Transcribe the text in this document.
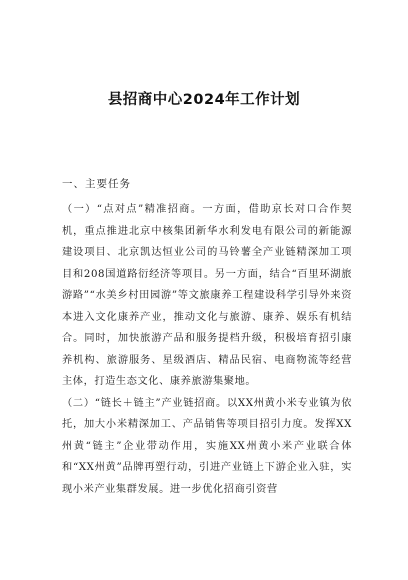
县招商中心2024年工作计划
一、主要任务

（一）“点对点”精准招商。一方面，借助京长对口合作契机，重点推进北京中核集团新华水利发电有限公司的新能源建设项目、北京凯达恒业公司的马铃薯全产业链精深加工项目和208国道路衍经济等项目。另一方面，结合“百里环湖旅游路”“水美乡村田园游”等文旅康养工程建设科学引导外来资本进入文化康养产业，推动文化与旅游、康养、娱乐有机结合。同时，加快旅游产品和服务提档升级，积极培育招引康养机构、旅游服务、星级酒店、精品民宿、电商物流等经营主体，打造生态文化、康养旅游集聚地。

（二）“链长＋链主”产业链招商。以XX州黄小米专业镇为依托，加大小米精深加工、产品销售等项目招引力度。发挥XX州黄“链主”企业带动作用，实施XX州黄小米产业联合体和“XX州黄”品牌再塑行动，引进产业链上下游企业入驻，实现小米产业集群发展。进一步优化招商引资营
